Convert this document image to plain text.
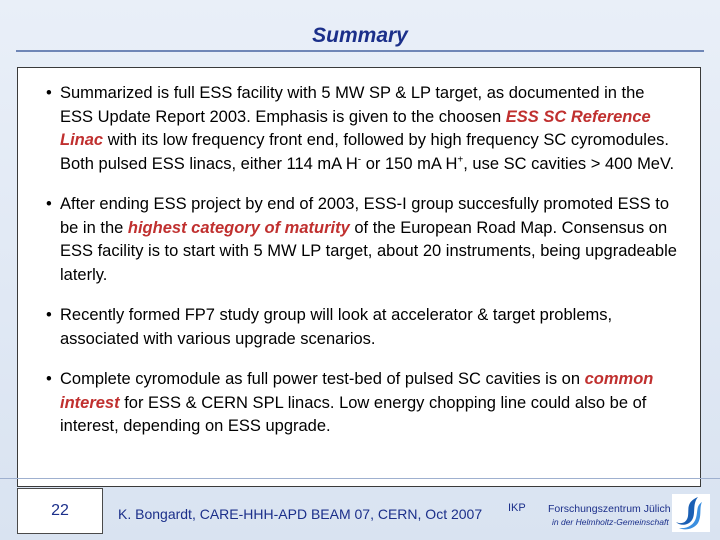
Summary
• Summarized is full ESS facility with 5 MW SP & LP target, as documented in the ESS Update Report 2003. Emphasis is given to the choosen ESS SC Reference Linac with its low frequency front end, followed by high frequency SC cyromodules. Both pulsed ESS linacs, either 114 mA H- or 150 mA H+, use SC cavities > 400 MeV.
• After ending ESS project by end of 2003, ESS-I group succesfully promoted ESS to be in the highest category of maturity of the European Road Map. Consensus on ESS facility is to start with 5 MW LP target, about 20 instruments, being upgradeable laterly.
• Recently formed FP7 study group will look at accelerator & target problems, associated with various upgrade scenarios.
• Complete cyromodule as full power test-bed of pulsed SC cavities is on common interest for ESS & CERN SPL linacs. Low energy chopping line could also be of interest, depending on ESS upgrade.
22	K. Bongardt, CARE-HHH-APD BEAM 07, CERN, Oct 2007 IKP Forschungszentrum Jülich
in der Helmholtz-Gemeinschaft
